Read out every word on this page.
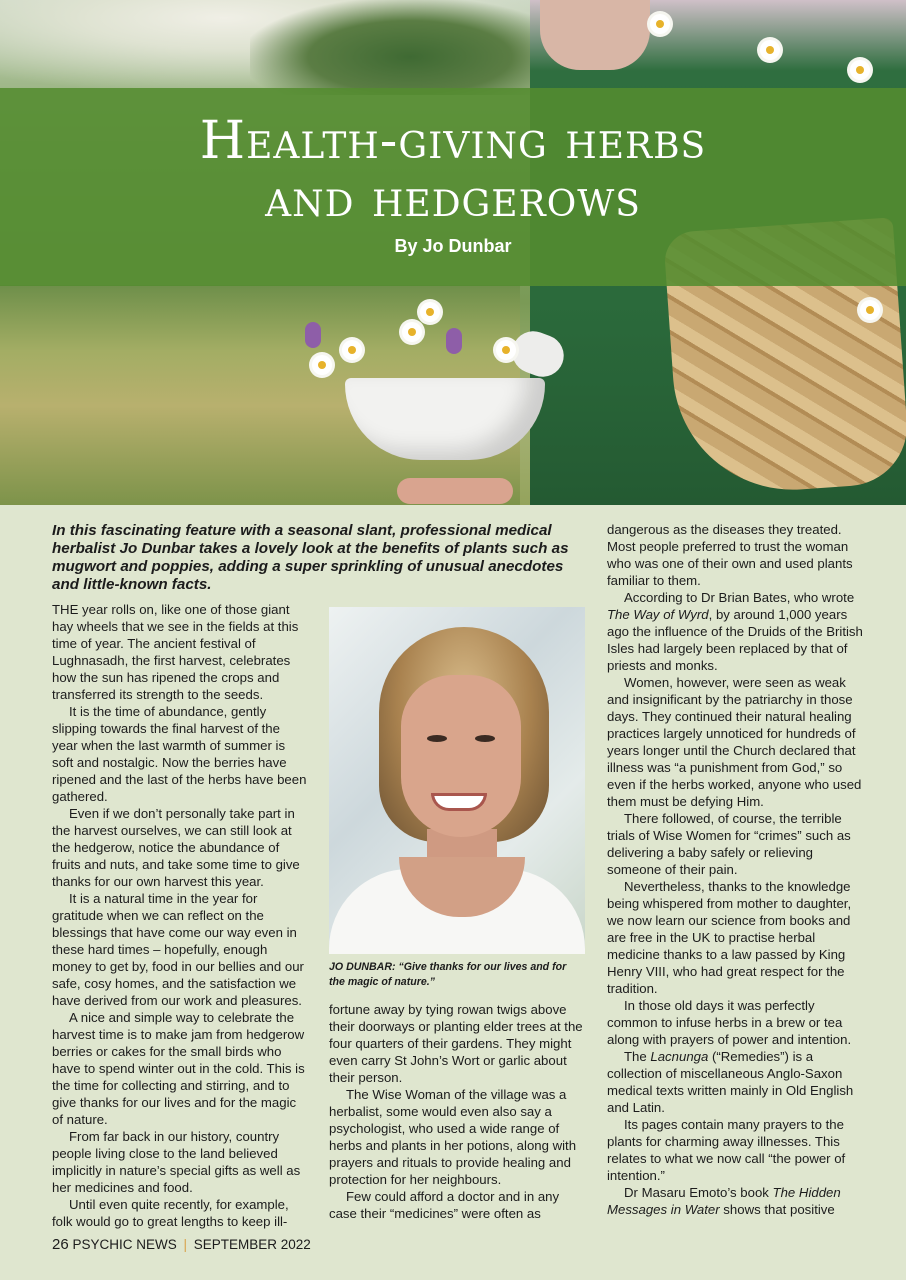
Health-giving herbs
and hedgerows

By Jo Dunbar

In this fascinating feature with a seasonal slant, professional medical herbalist Jo Dunbar takes a lovely look at the benefits of plants such as mugwort and poppies, adding a super sprinkling of unusual anecdotes and little-known facts.

THE year rolls on, like one of those giant hay wheels that we see in the fields at this time of year. The ancient festival of Lughnasadh, the first harvest, celebrates how the sun has ripened the crops and transferred its strength to the seeds.

It is the time of abundance, gently slipping towards the final harvest of the year when the last warmth of summer is soft and nostalgic. Now the berries have ripened and the last of the herbs have been gathered.

Even if we don’t personally take part in the harvest ourselves, we can still look at the hedgerow, notice the abundance of fruits and nuts, and take some time to give thanks for our own harvest this year.

It is a natural time in the year for gratitude when we can reflect on the blessings that have come our way even in these hard times – hopefully, enough money to get by, food in our bellies and our safe, cosy homes, and the satisfaction we have derived from our work and pleasures.

A nice and simple way to celebrate the harvest time is to make jam from hedgerow berries or cakes for the small birds who have to spend winter out in the cold. This is the time for collecting and stirring, and to give thanks for our lives and for the magic of nature.

From far back in our history, country people living close to the land believed implicitly in nature’s special gifts as well as her medicines and food.

Until even quite recently, for example, folk would go to great lengths to keep ill-

JO DUNBAR: “Give thanks for our lives and for the magic of nature.”

fortune away by tying rowan twigs above their doorways or planting elder trees at the four quarters of their gardens. They might even carry St John’s Wort or garlic about their person.

The Wise Woman of the village was a herbalist, some would even also say a psychologist, who used a wide range of herbs and plants in her potions, along with prayers and rituals to provide healing and protection for her neighbours.

Few could afford a doctor and in any case their “medicines” were often as

dangerous as the diseases they treated. Most people preferred to trust the woman who was one of their own and used plants familiar to them.

According to Dr Brian Bates, who wrote The Way of Wyrd, by around 1,000 years ago the influence of the Druids of the British Isles had largely been replaced by that of priests and monks.

Women, however, were seen as weak and insignificant by the patriarchy in those days. They continued their natural healing practices largely unnoticed for hundreds of years longer until the Church declared that illness was “a punishment from God,” so even if the herbs worked, anyone who used them must be defying Him.

There followed, of course, the terrible trials of Wise Women for “crimes” such as delivering a baby safely or relieving someone of their pain.

Nevertheless, thanks to the knowledge being whispered from mother to daughter, we now learn our science from books and are free in the UK to practise herbal medicine thanks to a law passed by King Henry VIII, who had great respect for the tradition.

In those old days it was perfectly common to infuse herbs in a brew or tea along with prayers of power and intention.

The Lacnunga (“Remedies”) is a collection of miscellaneous Anglo-Saxon medical texts written mainly in Old English and Latin.

Its pages contain many prayers to the plants for charming away illnesses. This relates to what we now call “the power of intention.”

Dr Masaru Emoto’s book The Hidden Messages in Water shows that positive

26 PSYCHIC NEWS | SEPTEMBER 2022
